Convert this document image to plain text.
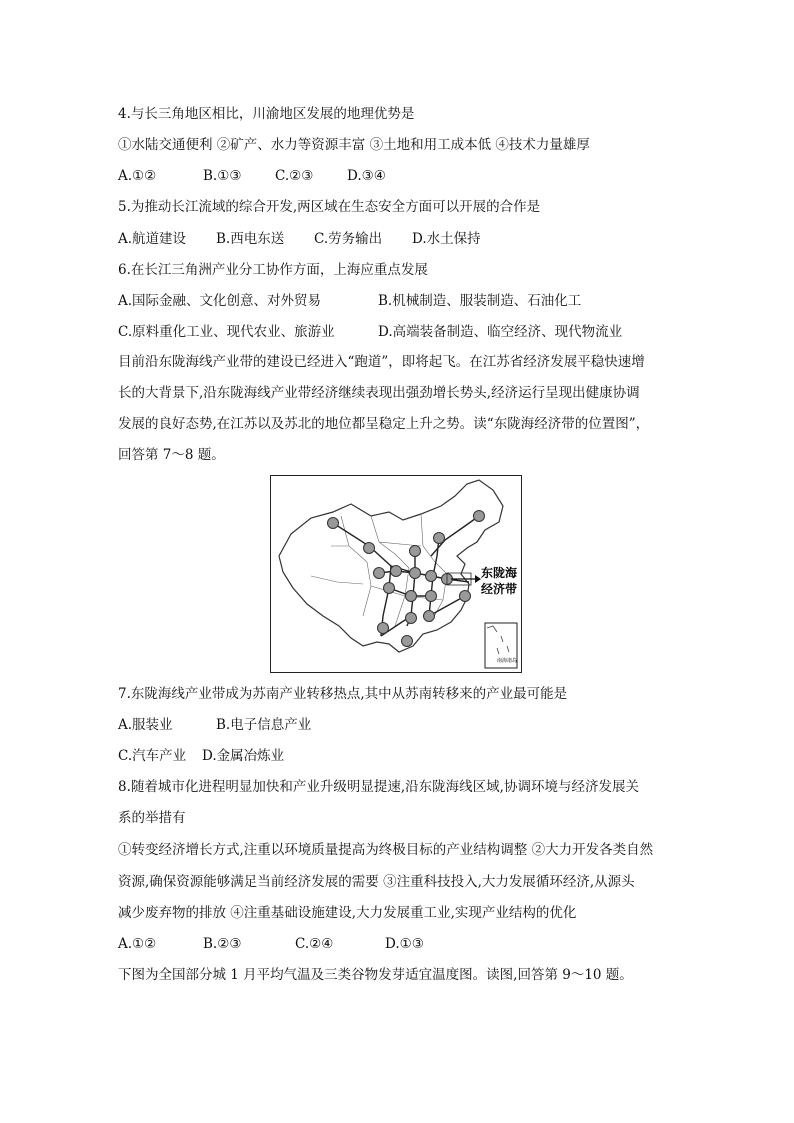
4.与长三角地区相比，川渝地区发展的地理优势是
①水陆交通便利 ②矿产、水力等资源丰富 ③土地和用工成本低 ④技术力量雄厚
A.①②	B.①③ C.②③ D.③④
5.为推动长江流域的综合开发,两区域在生态安全方面可以开展的合作是
A.航道建设 B.西电东送 C.劳务输出 D.水土保持
6.在长江三角洲产业分工协作方面，上海应重点发展
A.国际金融、文化创意、对外贸易	B.机械制造、服装制造、石油化工
C.原料重化工业、现代农业、旅游业	D.高端装备制造、临空经济、现代物流业
目前沿东陇海线产业带的建设已经进入“跑道”，即将起飞。在江苏省经济发展平稳快速增
长的大背景下,沿东陇海线产业带经济继续表现出强劲增长势头,经济运行呈现出健康协调
发展的良好态势,在江苏以及苏北的地位都呈稳定上升之势。读“东陇海经济带的位置图”，
回答第 7～8 题。
东陇海
经济带
南海诸岛
7.东陇海线产业带成为苏南产业转移热点,其中从苏南转移来的产业最可能是
A.服装业	B.电子信息产业
C.汽车产业 D.金属冶炼业
8.随着城市化进程明显加快和产业升级明显提速,沿东陇海线区域,协调环境与经济发展关
系的举措有
①转变经济增长方式,注重以环境质量提高为终极目标的产业结构调整 ②大力开发各类自然
资源,确保资源能够满足当前经济发展的需要 ③注重科技投入,大力发展循环经济,从源头
减少废弃物的排放 ④注重基础设施建设,大力发展重工业,实现产业结构的优化
A.①②	B.②③	C.②④	D.①③
下图为全国部分城 1 月平均气温及三类谷物发芽适宜温度图。读图,回答第 9～10 题。
